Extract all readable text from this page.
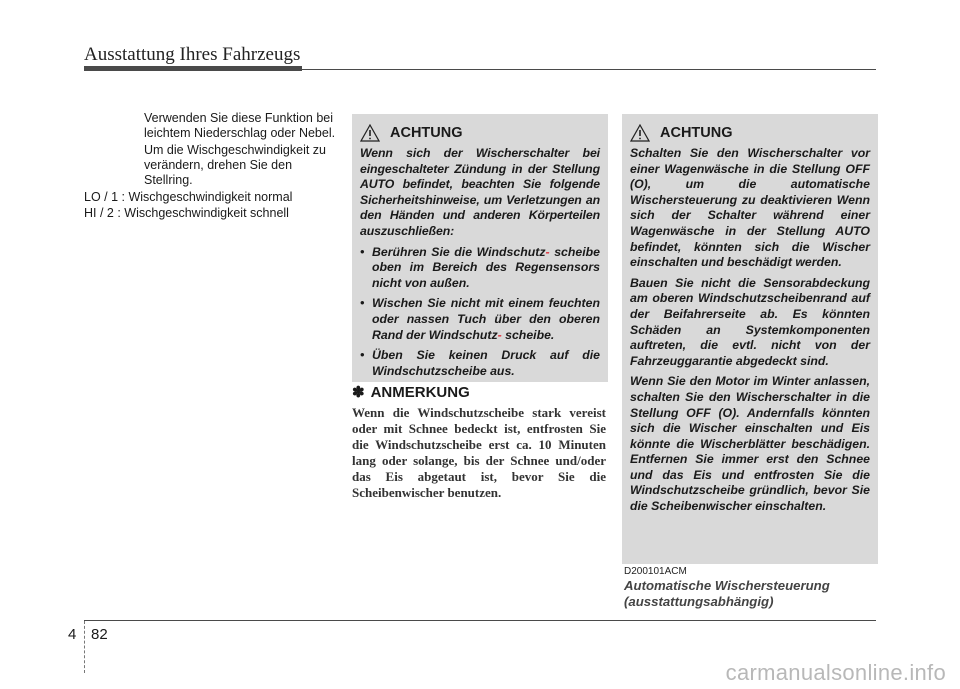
Ausstattung Ihres Fahrzeugs
Verwenden Sie diese Funktion bei leichtem Niederschlag oder Nebel.
Um die Wischgeschwindigkeit zu verändern, drehen Sie den Stellring.
LO / 1 : Wischgeschwindigkeit normal
HI / 2 : Wischgeschwindigkeit schnell
ACHTUNG
Wenn sich der Wischerschalter bei eingeschalteter Zündung in der Stellung AUTO befindet, beachten Sie folgende Sicherheitshinweise, um Verletzungen an den Händen und anderen Körperteilen auszuschließen:
• Berühren Sie die Windschutz- scheibe oben im Bereich des Regensensors nicht von außen.
• Wischen Sie nicht mit einem feuchten oder nassen Tuch über den oberen Rand der Windschutz- scheibe.
• Üben Sie keinen Druck auf die Windschutzscheibe aus.
✽ ANMERKUNG
Wenn die Windschutzscheibe stark vereist oder mit Schnee bedeckt ist, entfrosten Sie die Windschutzscheibe erst ca. 10 Minuten lang oder solange, bis der Schnee und/oder das Eis abgetaut ist, bevor Sie die Scheibenwischer benutzen.
ACHTUNG
Schalten Sie den Wischerschalter vor einer Wagenwäsche in die Stellung OFF (O), um die automatische Wischersteuerung zu deaktivieren Wenn sich der Schalter während einer Wagenwäsche in der Stellung AUTO befindet, könnten sich die Wischer einschalten und beschädigt werden.
Bauen Sie nicht die Sensorabdeckung am oberen Windschutzscheibenrand auf der Beifahrerseite ab. Es könnten Schäden an Systemkomponenten auftreten, die evtl. nicht von der Fahrzeuggarantie abgedeckt sind.
Wenn Sie den Motor im Winter anlassen, schalten Sie den Wischerschalter in die Stellung OFF (O). Andernfalls könnten sich die Wischer einschalten und Eis könnte die Wischerblätter beschädigen. Entfernen Sie immer erst den Schnee und das Eis und entfrosten Sie die Windschutzscheibe gründlich, bevor Sie die Scheibenwischer einschalten.
D200101ACM
Automatische Wischersteuerung
(ausstattungsabhängig)
4 82
carmanualsonline.info
